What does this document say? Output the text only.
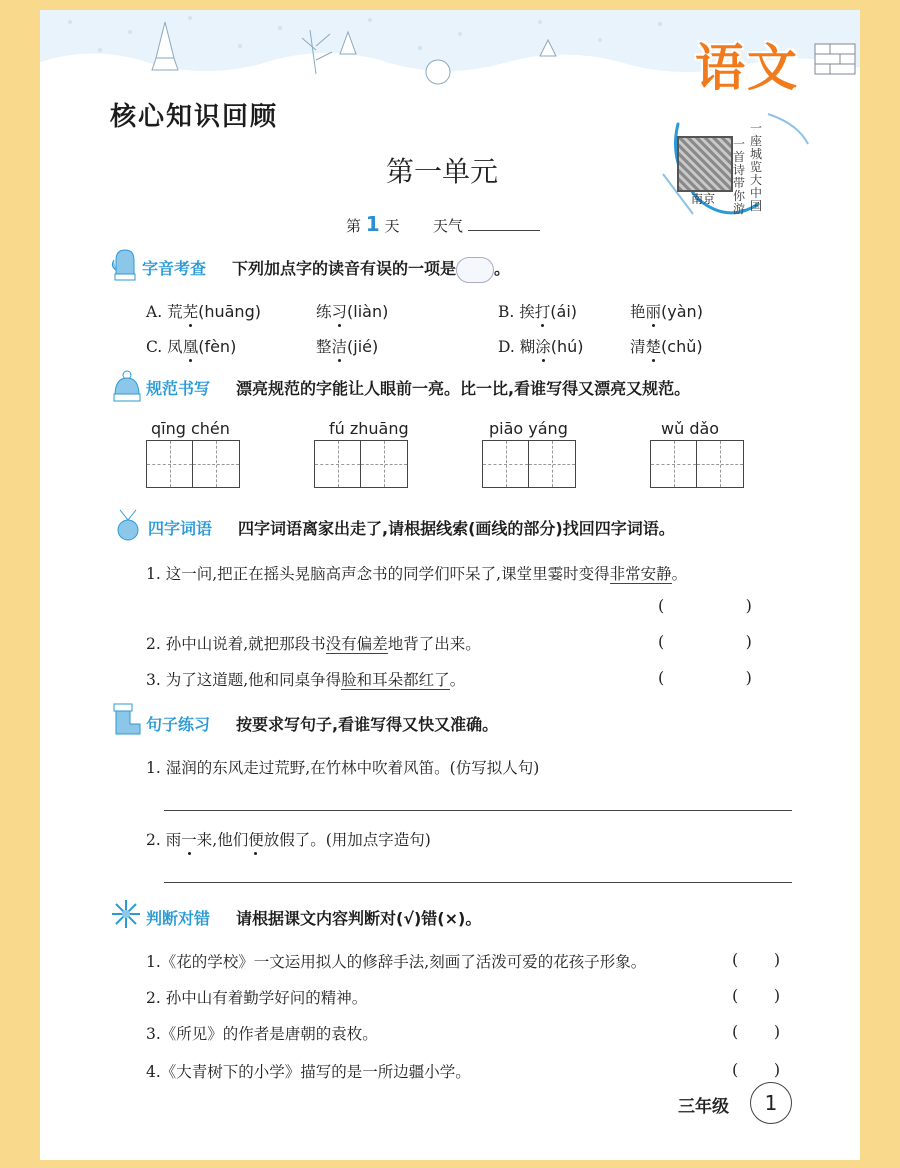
语文
核心知识回顾
一首诗带你游
一座城览大中国
南京
第一单元
第 1 天 天气
字音考查 下列加点字的读音有误的一项是 。
A. 荒芜(huāng)	练习(liàn)	B. 挨打(ái)	艳丽(yàn)
C. 凤凰(fèn)	整洁(jié)	D. 糊涂(hú)	清楚(chǔ)
规范书写 漂亮规范的字能让人眼前一亮。比一比,看谁写得又漂亮又规范。
qīng chén	fú zhuāng	piāo yáng	wǔ dǎo
四字词语 四字词语离家出走了,请根据线索(画线的部分)找回四字词语。
1. 这一问,把正在摇头晃脑高声念书的同学们吓呆了,课堂里霎时变得非常安静。
(                )
2. 孙中山说着,就把那段书没有偏差地背了出来。	(                )
3. 为了这道题,他和同桌争得脸和耳朵都红了。	(                )
句子练习 按要求写句子,看谁写得又快又准确。
1. 湿润的东风走过荒野,在竹林中吹着风笛。(仿写拟人句)
2. 雨一来,他们便放假了。(用加点字造句)
判断对错 请根据课文内容判断对(√)错(×)。
1.《花的学校》一文运用拟人的修辞手法,刻画了活泼可爱的花孩子形象。	(       )
2. 孙中山有着勤学好问的精神。	(       )
3.《所见》的作者是唐朝的袁枚。	(       )
4.《大青树下的小学》描写的是一所边疆小学。	(       )
三年级	1
